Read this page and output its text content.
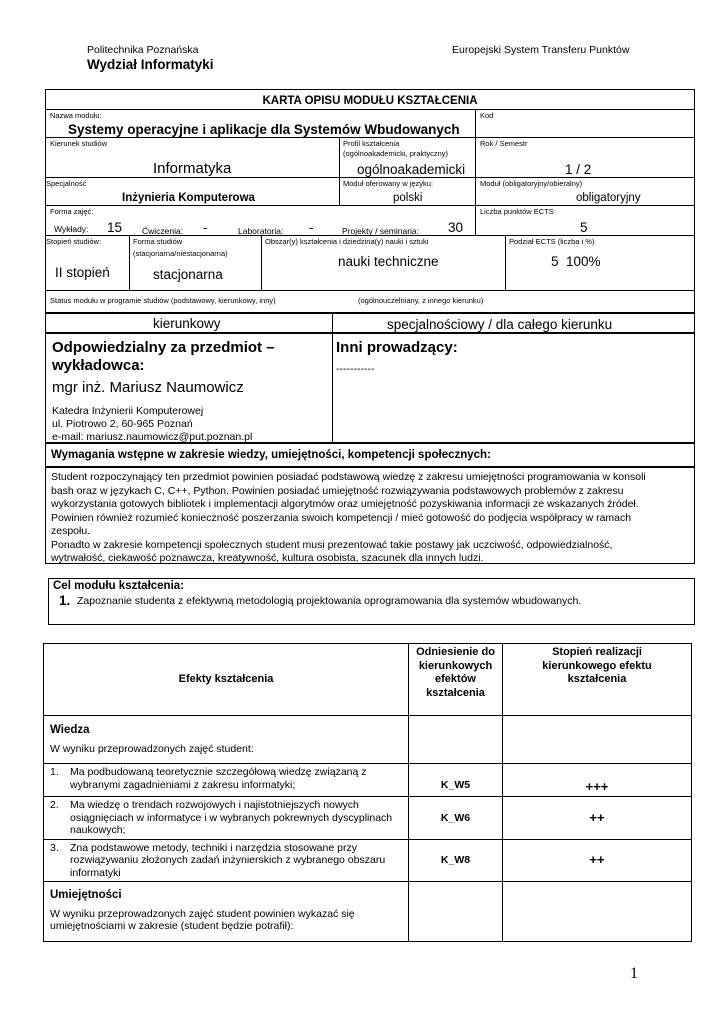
Politechnika Poznańska
Wydział Informatyki
Europejski System Transferu Punktów
KARTA OPISU MODUŁU KSZTAŁCENIA
Nazwa modułu:
Systemy operacyjne i aplikacje dla Systemów Wbudowanych
Kod
Kierunek studiów
Informatyka
Profil kształcenia
(ogólnoakademicki, praktyczny)
ogólnoakademicki
Rok / Semestr
1 / 2
Specjalność
Inżynieria Komputerowa
Moduł oferowany w języku:
polski
Moduł (obligatoryjny/obieralny)
obligatoryjny
Forma zajęć:
Wykłady: 15 Ćwiczenia: -	Laboratoria: -	Projekty / seminaria: 30
Liczba punktów ECTS
5
Stopień studiów:
II stopień
Forma studiów
(stacjonarna/niestacjonarna)
stacjonarna
Obszar(y) kształcenia i dziedzina(y) nauki i sztuki
nauki techniczne
Podział ECTS (liczba i %)
5  100%
Status modułu w programie studiów (podstawowy, kierunkowy, inny)	(ogólnouczelniany, z innego kierunku)
kierunkowy	specjalnościowy / dla całego kierunku
Odpowiedzialny za przedmiot – wykładowca:
mgr inż. Mariusz Naumowicz
Katedra Inżynierii Komputerowej
ul. Piotrowo 2, 60-965 Poznań
e-mail: mariusz.naumowicz@put.poznan.pl
Inni prowadzący:
-----------
Wymagania wstępne w zakresie wiedzy, umiejętności, kompetencji społecznych:
Student rozpoczynający ten przedmiot powinien posiadać podstawową wiedzę z zakresu umiejętności programowania w konsoli
bash oraz w językach C, C++, Python. Powinien posiadać umiejętność rozwiązywania podstawowych problemów z zakresu
wykorzystania gotowych bibliotek i implementacji algorytmów oraz umiejętność pozyskiwania informacji ze wskazanych źródeł.
Powinien również rozumieć konieczność poszerzania swoich kompetencji / mieć gotowość do podjęcia współpracy w ramach
zespołu.
Ponadto w zakresie kompetencji społecznych student musi prezentować takie postawy jak uczciwość, odpowiedzialność,
wytrwałość, ciekawość poznawcza, kreatywność, kultura osobista, szacunek dla innych ludzi.
Cel modułu kształcenia:
1. Zapoznanie studenta z efektywną metodologią projektowania oprogramowania dla systemów wbudowanych.
Efekty kształcenia	Odniesienie do kierunkowych efektów kształcenia	Stopień realizacji kierunkowego efektu kształcenia

Wiedza
W wyniku przeprowadzonych zajęć student:		

1. Ma podbudowaną teoretycznie szczegółową wiedzę związaną z wybranymi zagadnieniami z zakresu informatyki;	K_W5	+++

2. Ma wiedzę o trendach rozwojowych i najistotniejszych nowych osiągnięciach w informatyce i w wybranych pokrewnych dyscyplinach naukowych;	K_W6	++

3. Zna podstawowe metody, techniki i narzędzia stosowane przy rozwiązywaniu złożonych zadań inżynierskich z wybranego obszaru informatyki	K_W8	++

Umiejętności
W wyniku przeprowadzonych zajęć student powinien wykazać się umiejętnościami w zakresie (student będzie potrafił):		

1
